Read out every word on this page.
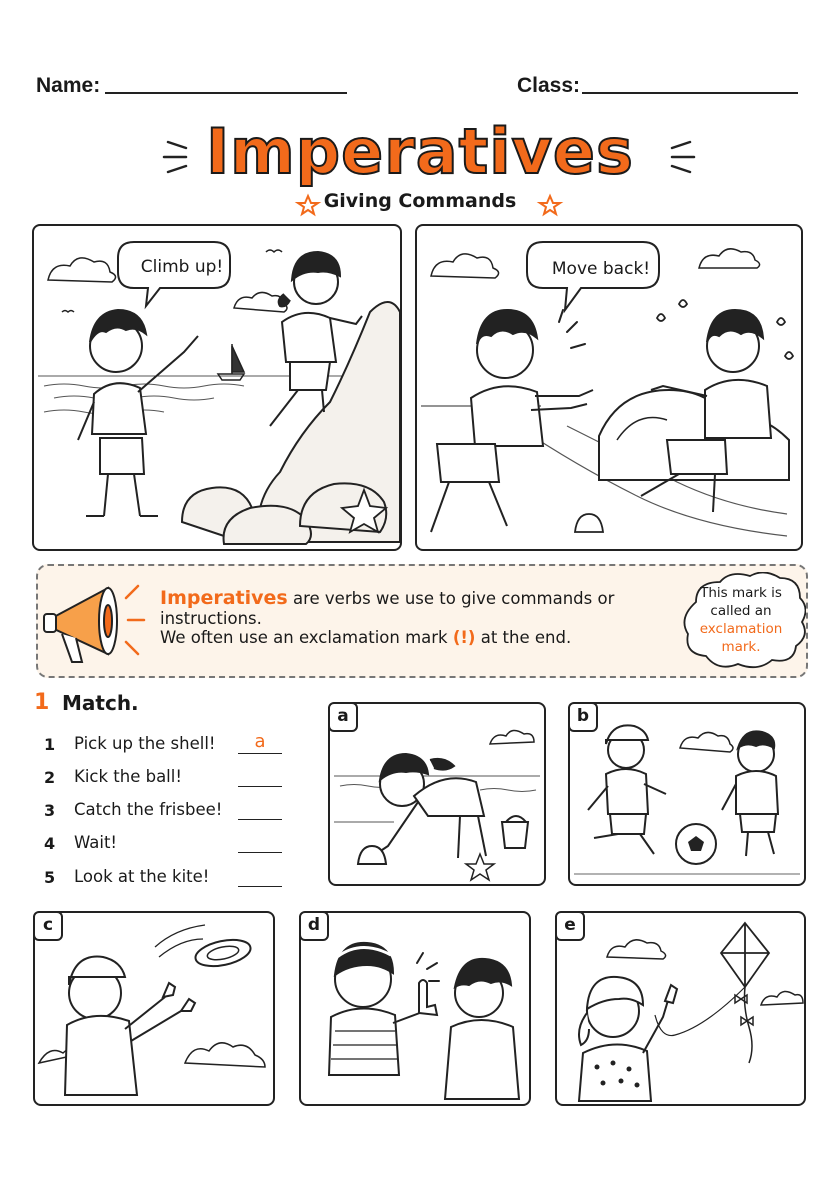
Name:	Class:
Imperatives
Giving Commands
Climb up!	Move back!
Imperatives are verbs we use to give commands or instructions.
We often use an exclamation mark (!) at the end.
This mark is
called an
exclamation
mark.
1 Match.
1 Pick up the shell!	a
2 Kick the ball!
3 Catch the frisbee!
4 Wait!
5 Look at the kite!
a	b
c	d	e
